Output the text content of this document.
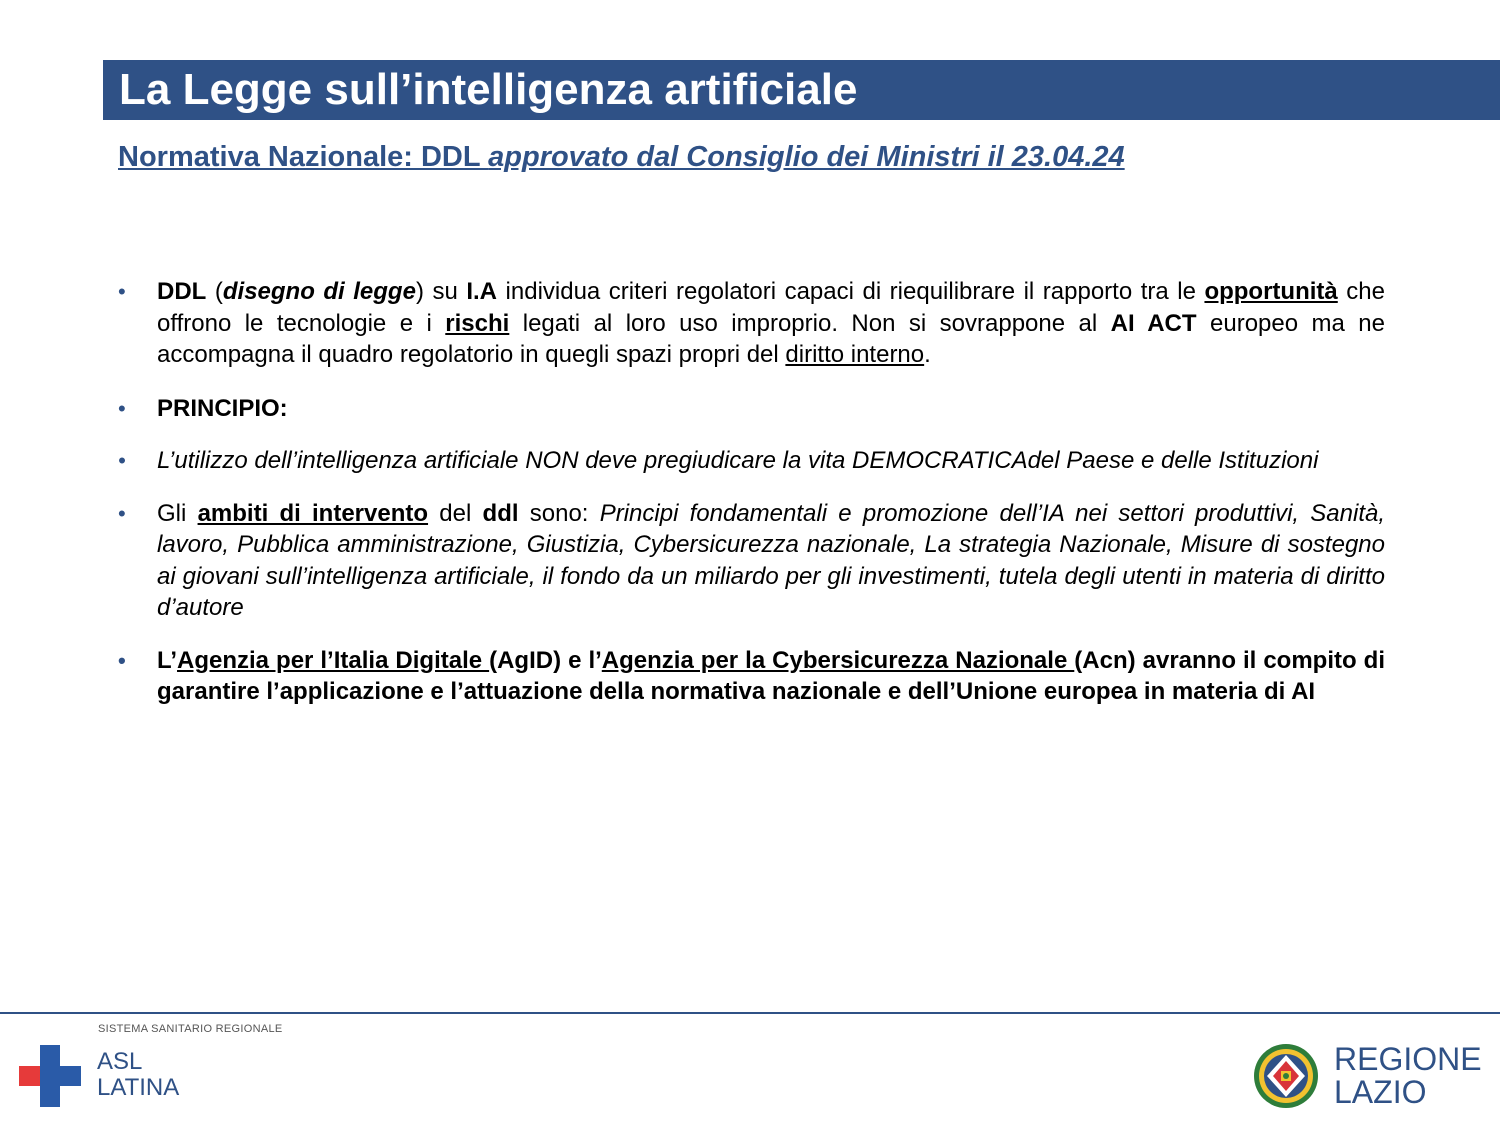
La Legge sull’intelligenza artificiale
Normativa Nazionale: DDL approvato dal Consiglio dei Ministri il 23.04.24
• DDL (disegno di legge) su I.A individua criteri regolatori capaci di riequilibrare il rapporto tra le opportunità che offrono le tecnologie e i rischi legati al loro uso improprio. Non si sovrappone al AI ACT europeo ma ne accompagna il quadro regolatorio in quegli spazi propri del diritto interno.
• PRINCIPIO:
• L’utilizzo dell’intelligenza artificiale NON deve pregiudicare la vita DEMOCRATICAdel Paese e delle Istituzioni
• Gli ambiti di intervento del ddl sono: Principi fondamentali e promozione dell’IA nei settori produttivi, Sanità, lavoro, Pubblica amministrazione, Giustizia, Cybersicurezza nazionale, La strategia Nazionale, Misure di sostegno ai giovani sull’intelligenza artificiale, il fondo da un miliardo per gli investimenti, tutela degli utenti in materia di diritto d’autore
• L’Agenzia per l’Italia Digitale (AgID) e l’Agenzia per la Cybersicurezza Nazionale (Acn) avranno il compito di garantire l’applicazione e l’attuazione della normativa nazionale e dell’Unione europea in materia di AI
SISTEMA SANITARIO REGIONALE
ASL
LATINA
REGIONE
LAZIO
